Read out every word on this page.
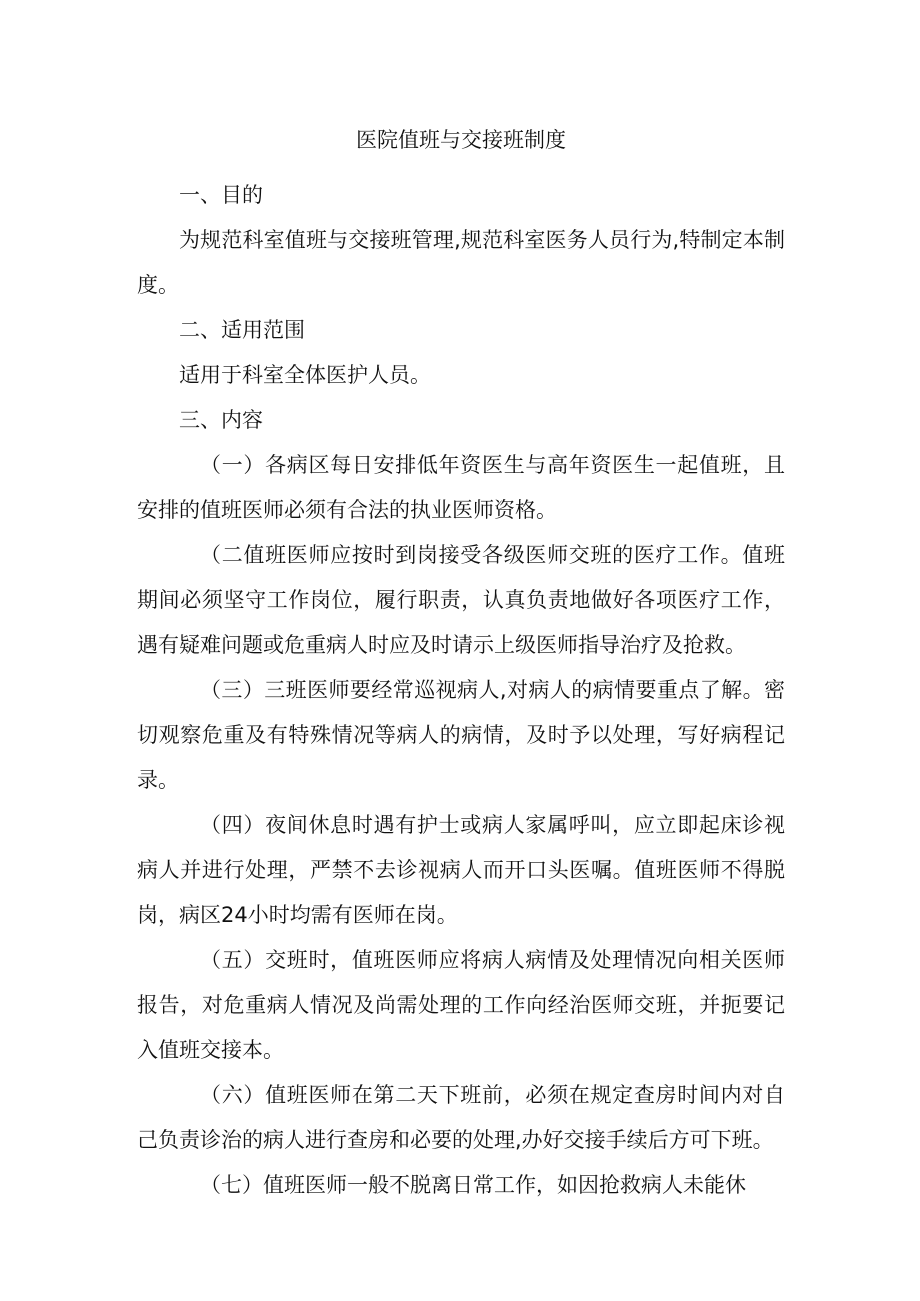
医院值班与交接班制度

一、目的

为规范科室值班与交接班管理,规范科室医务人员行为,特制定本制度。

二、适用范围

适用于科室全体医护人员。

三、内容

（一）各病区每日安排低年资医生与高年资医生一起值班，且安排的值班医师必须有合法的执业医师资格。

（二值班医师应按时到岗接受各级医师交班的医疗工作。值班期间必须坚守工作岗位，履行职责，认真负责地做好各项医疗工作，遇有疑难问题或危重病人时应及时请示上级医师指导治疗及抢救。

（三）三班医师要经常巡视病人,对病人的病情要重点了解。密切观察危重及有特殊情况等病人的病情，及时予以处理，写好病程记录。

（四）夜间休息时遇有护士或病人家属呼叫，应立即起床诊视病人并进行处理，严禁不去诊视病人而开口头医嘱。值班医师不得脱岗，病区24小时均需有医师在岗。

（五）交班时，值班医师应将病人病情及处理情况向相关医师报告，对危重病人情况及尚需处理的工作向经治医师交班，并扼要记入值班交接本。

（六）值班医师在第二天下班前，必须在规定查房时间内对自己负责诊治的病人进行查房和必要的处理,办好交接手续后方可下班。

（七）值班医师一般不脱离日常工作，如因抢救病人未能休
